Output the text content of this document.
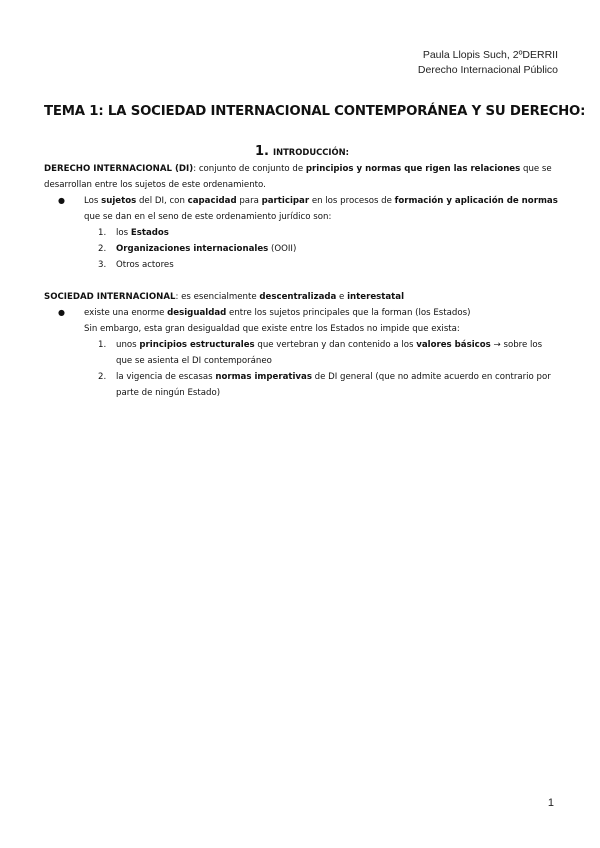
Paula Llopis Such, 2ºDERRII
Derecho Internacional Público
TEMA 1: LA SOCIEDAD INTERNACIONAL CONTEMPORÁNEA Y SU DERECHO:
1. INTRODUCCIÓN:

DERECHO INTERNACIONAL (DI): conjunto de conjunto de principios y normas que rigen las relaciones que se desarrollan entre los sujetos de este ordenamiento.

● Los sujetos del DI, con capacidad para participar en los procesos de formación y aplicación de normas que se dan en el seno de este ordenamiento jurídico son:
1. los Estados
2. Organizaciones internacionales (OOII)
3. Otros actores

SOCIEDAD INTERNACIONAL: es esencialmente descentralizada e interestatal

● existe una enorme desigualdad entre los sujetos principales que la forman (los Estados)
Sin embargo, esta gran desigualdad que existe entre los Estados no impide que exista:
1. unos principios estructurales que vertebran y dan contenido a los valores básicos → sobre los que se asienta el DI contemporáneo
2. la vigencia de escasas normas imperativas de DI general (que no admite acuerdo en contrario por parte de ningún Estado)
1
